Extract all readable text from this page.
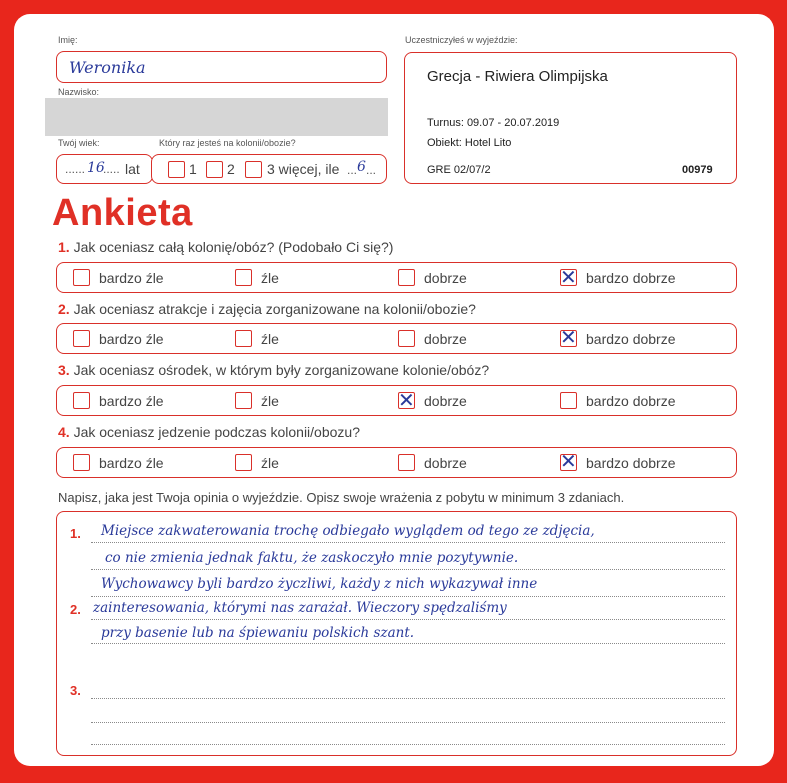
Imię:
Weronika
Nazwisko:
Twój wiek:
...... 16
..... lat
Który raz jesteś na kolonii/obozie?
1 2 3 więcej, ile ... 6 ...
Uczestniczyłeś w wyjeździe:
Grecja - Riwiera Olimpijska
Turnus: 09.07 - 20.07.2019
Obiekt: Hotel Lito
GRE 02/07/2	00979
Ankieta
1. Jak oceniasz całą kolonię/obóz? (Podobało Ci się?)
bardzo źle	źle	dobrze	✕ bardzo dobrze
2. Jak oceniasz atrakcje i zajęcia zorganizowane na kolonii/obozie?
bardzo źle	źle	dobrze	✕ bardzo dobrze
3. Jak oceniasz ośrodek, w którym były zorganizowane kolonie/obóz?
bardzo źle	źle	✕ dobrze	bardzo dobrze
4. Jak oceniasz jedzenie podczas kolonii/obozu?
bardzo źle	źle	dobrze	✕ bardzo dobrze
Napisz, jaka jest Twoja opinia o wyjeździe. Opisz swoje wrażenia z pobytu w minimum 3 zdaniach.
1.
2.
3.
Miejsce zakwaterowania trochę odbiegało wyglądem od tego ze zdjęcia,
co nie zmienia jednak faktu, że zaskoczyło mnie pozytywnie.
Wychowawcy byli bardzo życzliwi, każdy z nich wykazywał inne
zainteresowania, którymi nas zarażał. Wieczory spędzaliśmy
przy basenie lub na śpiewaniu polskich szant.
